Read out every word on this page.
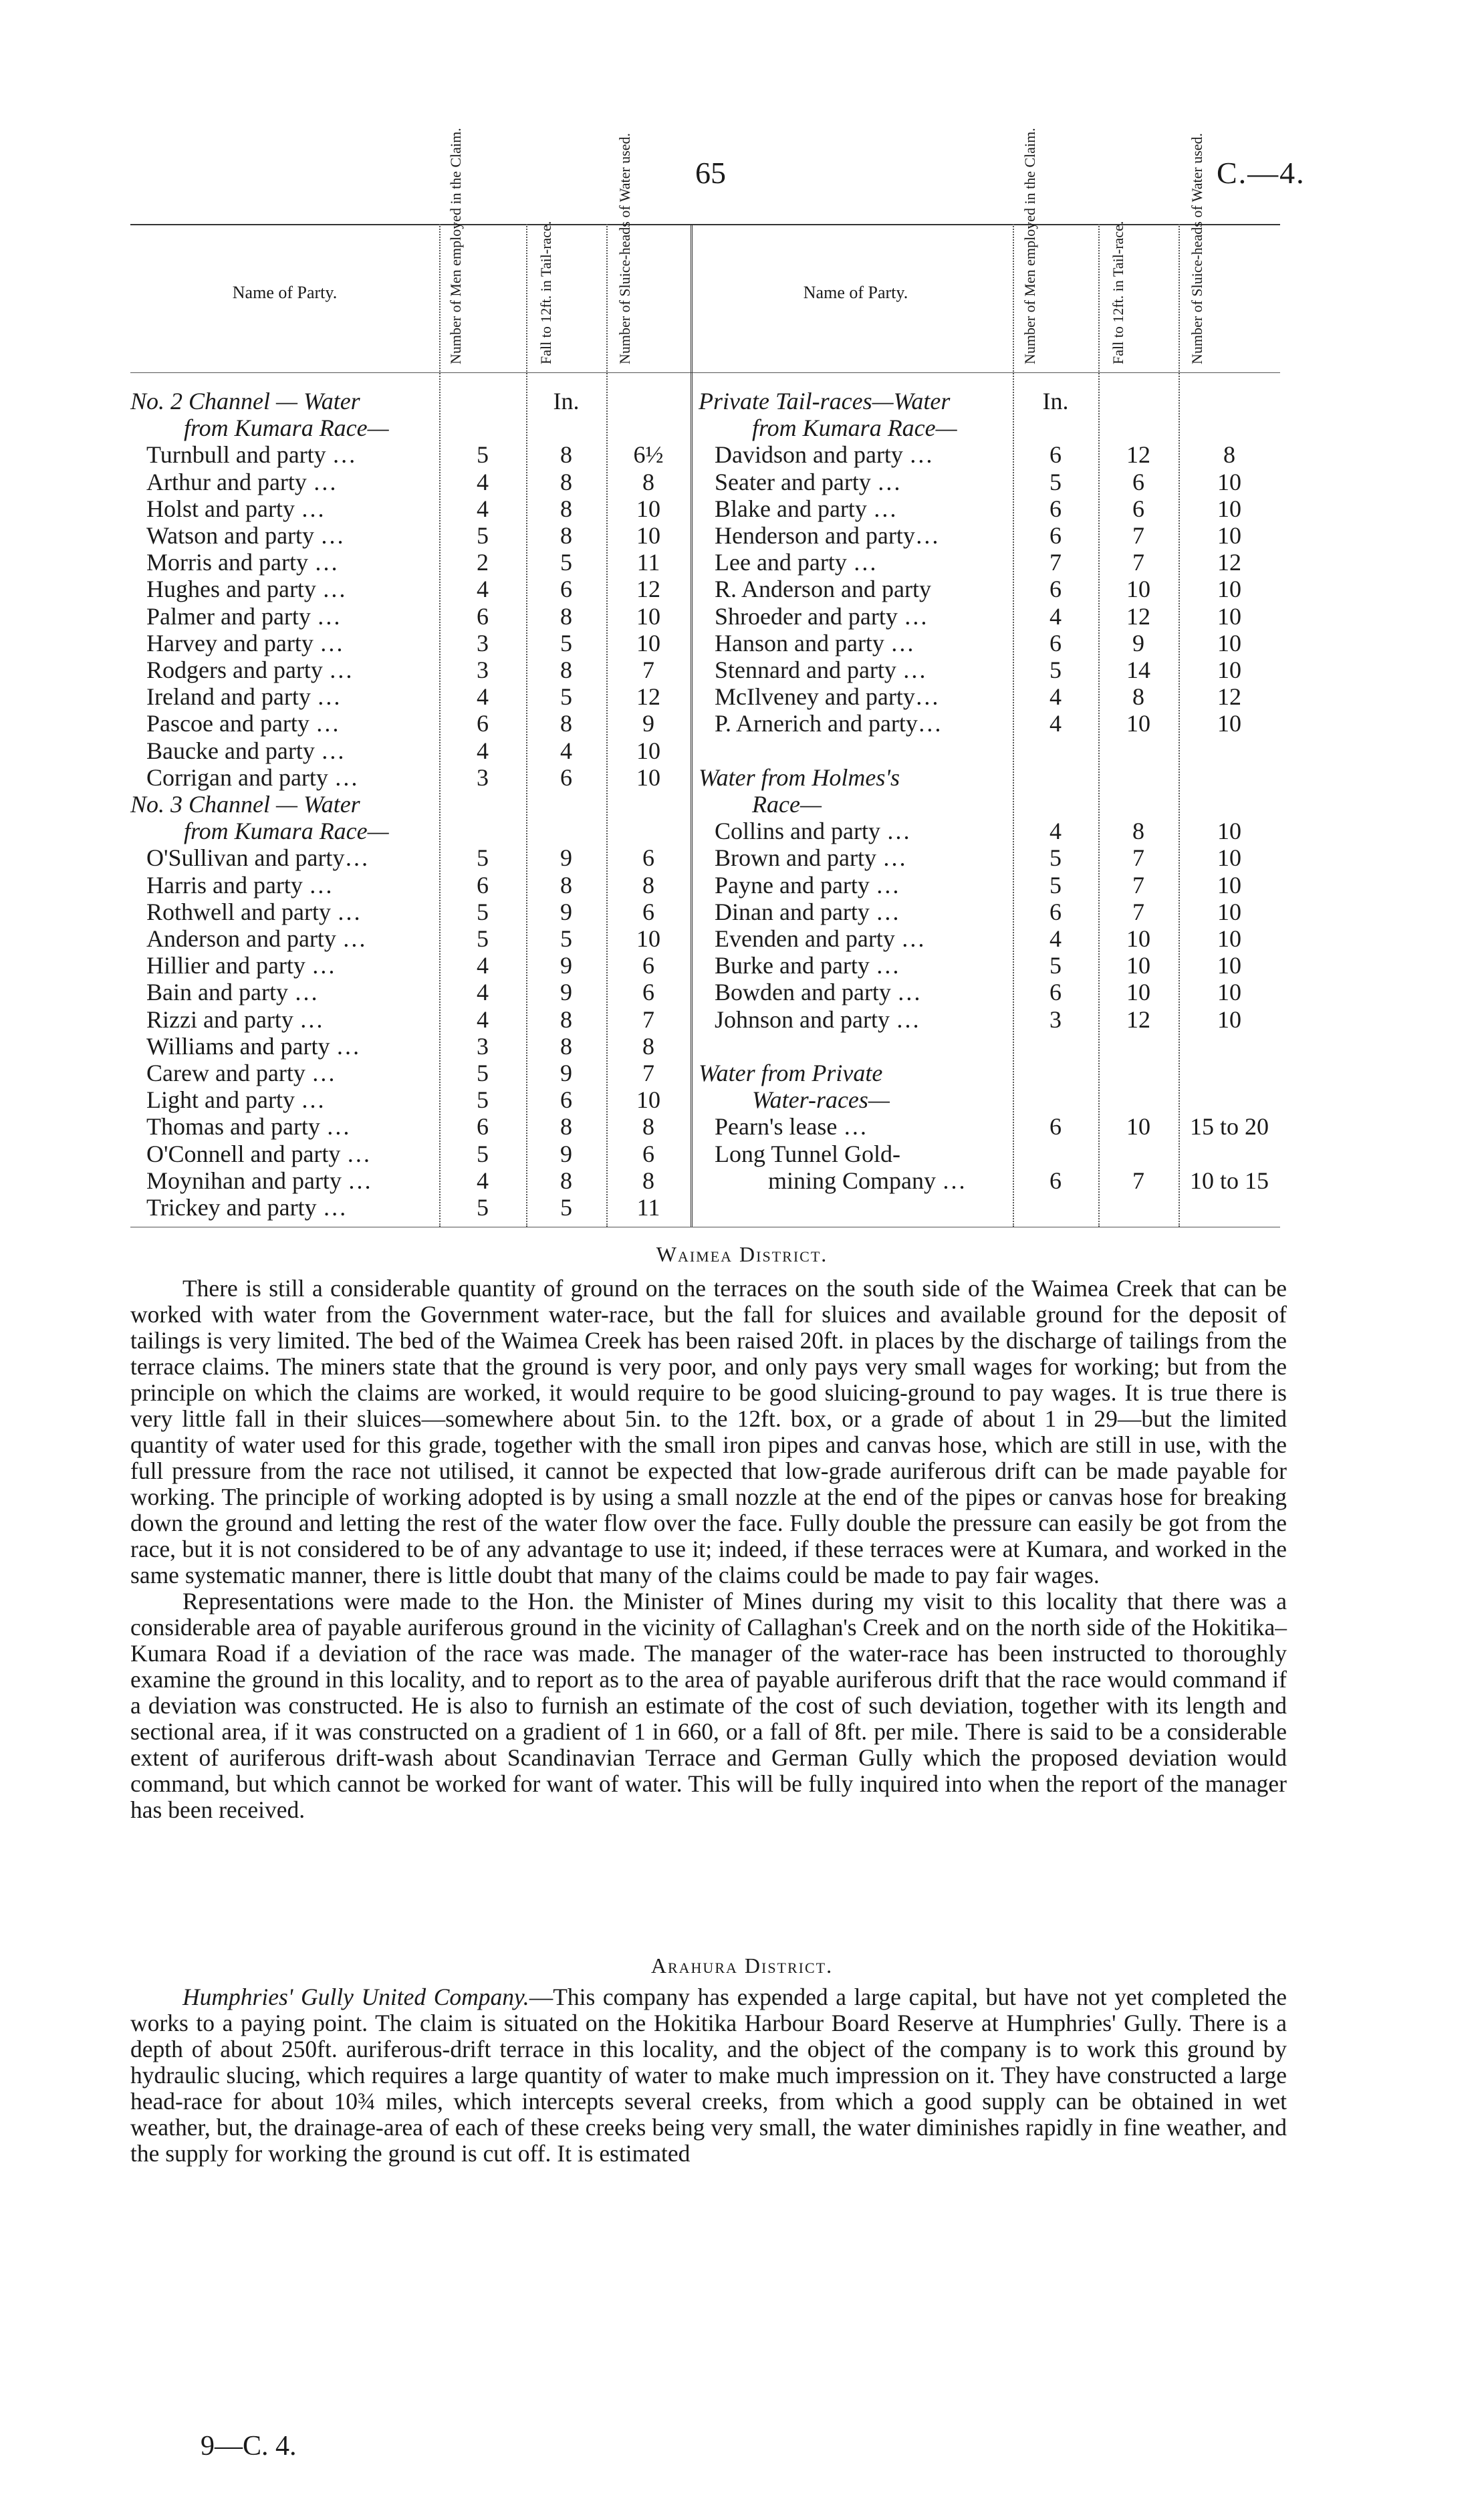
65	C.—4.
Name of Party.	Name of Party.
Number of Men employed in the Claim.	Fall to 12ft. in Tail-race.	Number of Sluice-heads of Water used.	Number of Men employed in the Claim.	Fall to 12ft. in Tail-race.	Number of Sluice-heads of Water used.
No. 2 Channel — Water	In.
from Kumara Race—
Turnbull and party …	5	8	6½
Arthur and party …	4	8	8
Holst and party …	4	8	10
Watson and party …	5	8	10
Morris and party …	2	5	11
Hughes and party …	4	6	12
Palmer and party …	6	8	10
Harvey and party …	3	5	10
Rodgers and party …	3	8	7
Ireland and party …	4	5	12
Pascoe and party …	6	8	9
Baucke and party …	4	4	10
Corrigan and party …	3	6	10
No. 3 Channel — Water
from Kumara Race—
O'Sullivan and party…	5	9	6
Harris and party …	6	8	8
Rothwell and party …	5	9	6
Anderson and party …	5	5	10
Hillier and party …	4	9	6
Bain and party …	4	9	6
Rizzi and party …	4	8	7
Williams and party …	3	8	8
Carew and party …	5	9	7
Light and party …	5	6	10
Thomas and party …	6	8	8
O'Connell and party …	5	9	6
Moynihan and party …	4	8	8
Trickey and party …	5	5	11
Private Tail-races—Water	In.
from Kumara Race—
Davidson and party …	6	12	8
Seater and party …	5	6	10
Blake and party …	6	6	10
Henderson and party…	6	7	10
Lee and party …	7	7	12
R. Anderson and party	6	10	10
Shroeder and party …	4	12	10
Hanson and party …	6	9	10
Stennard and party …	5	14	10
McIlveney and party…	4	8	12
P. Arnerich and party…	4	10	10
Water from Holmes's
Race—
Collins and party …	4	8	10
Brown and party …	5	7	10
Payne and party …	5	7	10
Dinan and party …	6	7	10
Evenden and party …	4	10	10
Burke and party …	5	10	10
Bowden and party …	6	10	10
Johnson and party …	3	12	10
Water from Private
Water-races—
Pearn's lease …	6	10	15 to 20
Long Tunnel Gold-
mining Company …	6	7	10 to 15
Waimea District.

There is still a considerable quantity of ground on the terraces on the south side of the Waimea Creek that can be worked with water from the Government water-race, but the fall for sluices and available ground for the deposit of tailings is very limited. The bed of the Waimea Creek has been raised 20ft. in places by the discharge of tailings from the terrace claims. The miners state that the ground is very poor, and only pays very small wages for working; but from the principle on which the claims are worked, it would require to be good sluicing-ground to pay wages. It is true there is very little fall in their sluices—somewhere about 5in. to the 12ft. box, or a grade of about 1 in 29—but the limited quantity of water used for this grade, together with the small iron pipes and canvas hose, which are still in use, with the full pressure from the race not utilised, it cannot be expected that low-grade auriferous drift can be made payable for working. The principle of working adopted is by using a small nozzle at the end of the pipes or canvas hose for breaking down the ground and letting the rest of the water flow over the face. Fully double the pressure can easily be got from the race, but it is not considered to be of any advantage to use it; indeed, if these terraces were at Kumara, and worked in the same systematic manner, there is little doubt that many of the claims could be made to pay fair wages.

Representations were made to the Hon. the Minister of Mines during my visit to this locality that there was a considerable area of payable auriferous ground in the vicinity of Callaghan's Creek and on the north side of the Hokitika–Kumara Road if a deviation of the race was made. The manager of the water-race has been instructed to thoroughly examine the ground in this locality, and to report as to the area of payable auriferous drift that the race would command if a deviation was constructed. He is also to furnish an estimate of the cost of such deviation, together with its length and sectional area, if it was constructed on a gradient of 1 in 660, or a fall of 8ft. per mile. There is said to be a considerable extent of auriferous drift-wash about Scandinavian Terrace and German Gully which the proposed deviation would command, but which cannot be worked for want of water. This will be fully inquired into when the report of the manager has been received.

Arahura District.

Humphries' Gully United Company.—This company has expended a large capital, but have not yet completed the works to a paying point. The claim is situated on the Hokitika Harbour Board Reserve at Humphries' Gully. There is a depth of about 250ft. auriferous-drift terrace in this locality, and the object of the company is to work this ground by hydraulic slucing, which requires a large quantity of water to make much impression on it. They have constructed a large head-race for about 10¾ miles, which intercepts several creeks, from which a good supply can be obtained in wet weather, but, the drainage-area of each of these creeks being very small, the water diminishes rapidly in fine weather, and the supply for working the ground is cut off. It is estimated

9—C. 4.
